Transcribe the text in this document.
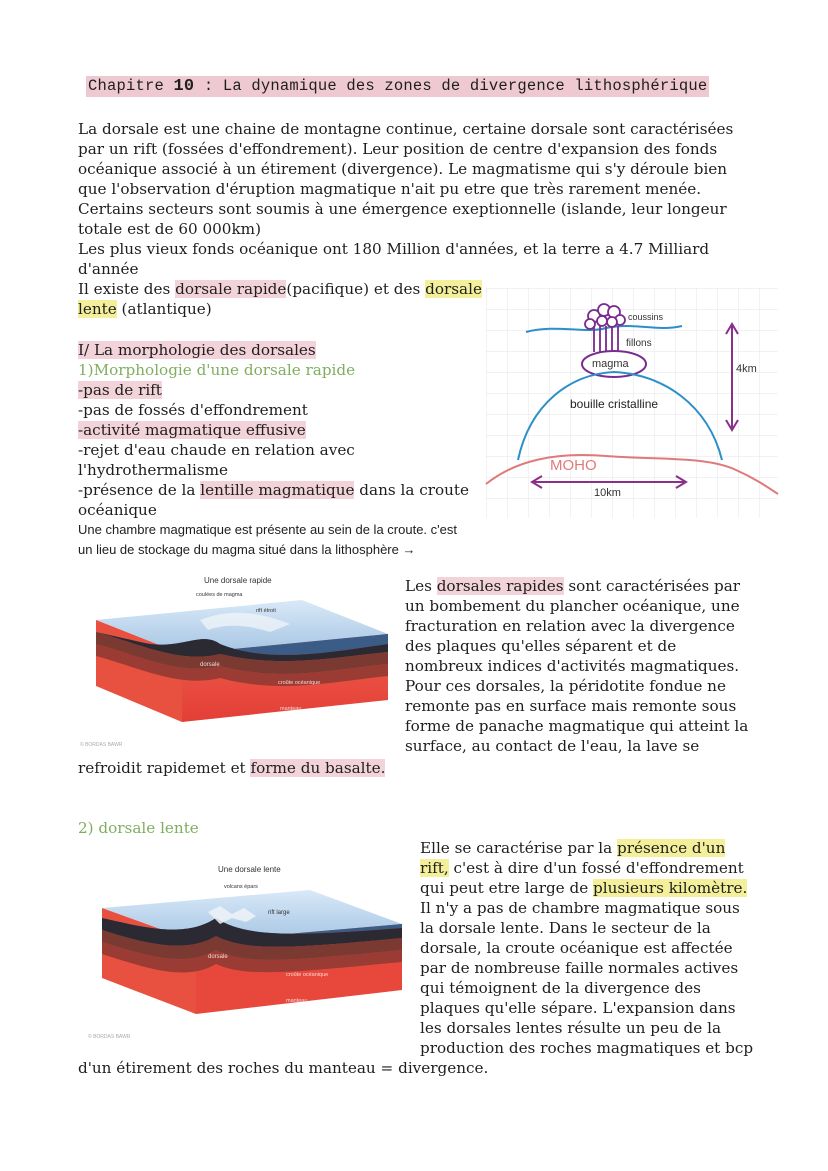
Chapitre 10 : La dynamique des zones de divergence lithosphérique
La dorsale est une chaine de montagne continue, certaine dorsale sont caractérisées
par un rift (fossées d'effondrement). Leur position de centre d'expansion des fonds
océanique associé à un étirement (divergence). Le magmatisme qui s'y déroule bien
que l'observation d'éruption magmatique n'ait pu etre que très rarement menée.
Certains secteurs sont soumis à une émergence exeptionnelle (islande, leur longeur
totale est de 60 000km)
Les plus vieux fonds océanique ont 180 Million d'années, et la terre a 4.7 Milliard
d'année
Il existe des dorsale rapide(pacifique) et des dorsale
lente (atlantique)
I/ La morphologie des dorsales
1)Morphologie d'une dorsale rapide
-pas de rift
-pas de fossés d'effondrement
-activité magmatique effusive
-rejet d'eau chaude en relation avec
l'hydrothermalisme
-présence de la lentille magmatique dans la croute
océanique
Une chambre magmatique est présente au sein de la croute. c'est
un lieu de stockage du magma situé dans la lithosphère →
coussins
fillons
magma
bouille cristalline
4km
MOHO
10km
Une dorsale rapide
coulées de magma
rift étroit
dorsale
croûte océanique
manteau
© BORDAS BAWR
Les dorsales rapides sont caractérisées par
un bombement du plancher océanique, une
fracturation en relation avec la divergence
des plaques qu'elles séparent et de
nombreux indices d'activités magmatiques.
Pour ces dorsales, la péridotite fondue ne
remonte pas en surface mais remonte sous
forme de panache magmatique qui atteint la
surface, au contact de l'eau, la lave se
refroidit rapidemet et forme du basalte.
2) dorsale lente
Une dorsale lente
volcans épars
rift large
dorsale
croûte océanique
manteau
© BORDAS BAWR
Elle se caractérise par la présence d'un
rift, c'est à dire d'un fossé d'effondrement
qui peut etre large de plusieurs kilomètre.
Il n'y a pas de chambre magmatique sous
la dorsale lente. Dans le secteur de la
dorsale, la croute océanique est affectée
par de nombreuse faille normales actives
qui témoignent de la divergence des
plaques qu'elle sépare. L'expansion dans
les dorsales lentes résulte un peu de la
production des roches magmatiques et bcp
d'un étirement des roches du manteau = divergence.
